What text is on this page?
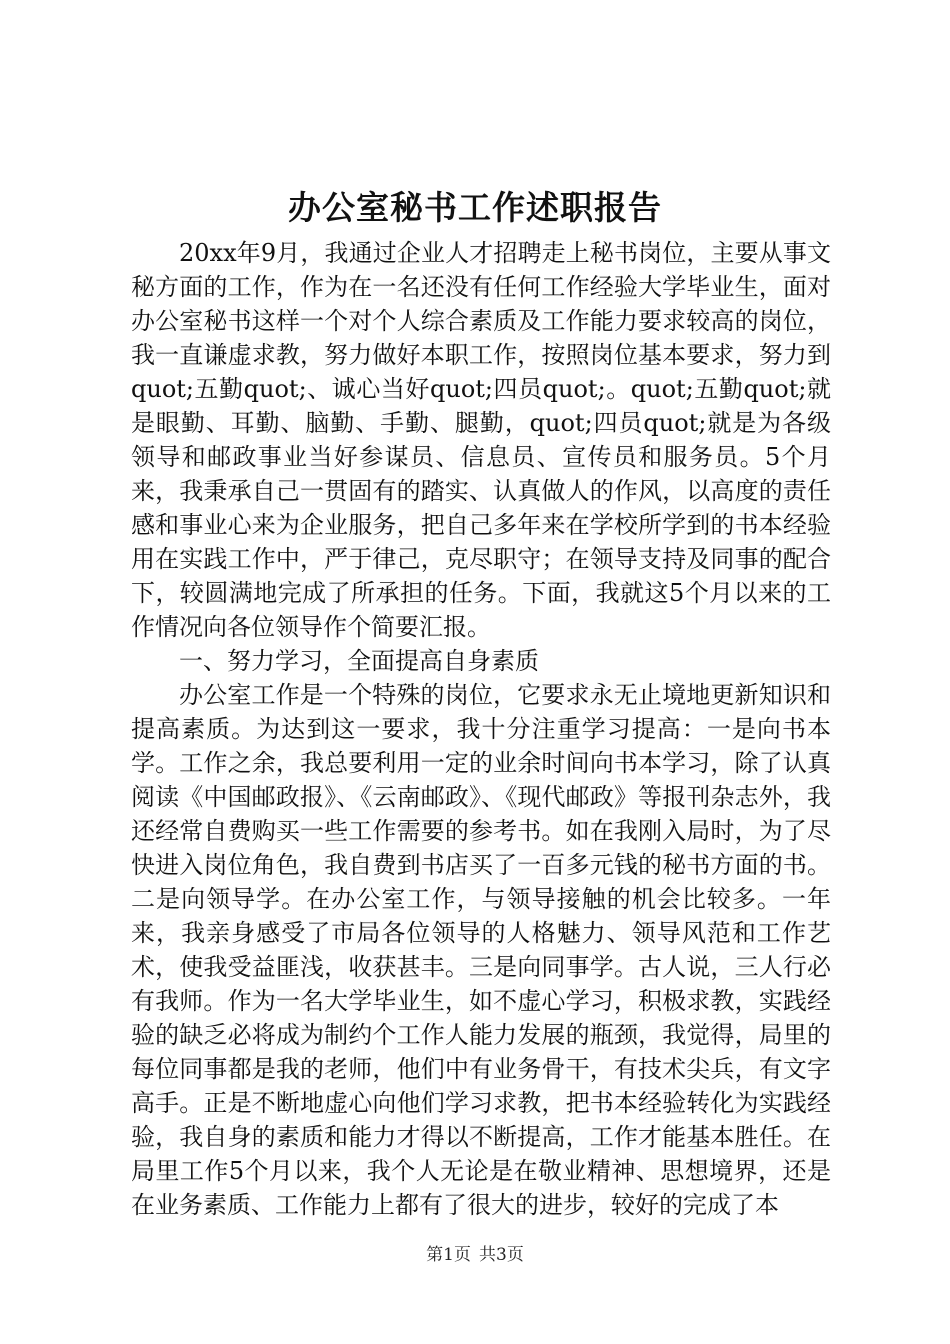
办公室秘书工作述职报告

20xx年9月，我通过企业人才招聘走上秘书岗位，主要从事文秘方面的工作，作为在一名还没有任何工作经验大学毕业生，面对办公室秘书这样一个对个人综合素质及工作能力要求较高的岗位，我一直谦虚求教，努力做好本职工作，按照岗位基本要求，努力到quot;五勤quot;、诚心当好quot;四员quot;。quot;五勤quot;就是眼勤、耳勤、脑勤、手勤、腿勤，quot;四员quot;就是为各级领导和邮政事业当好参谋员、信息员、宣传员和服务员。5个月来，我秉承自己一贯固有的踏实、认真做人的作风，以高度的责任感和事业心来为企业服务，把自己多年来在学校所学到的书本经验用在实践工作中，严于律己，克尽职守；在领导支持及同事的配合下，较圆满地完成了所承担的任务。下面，我就这5个月以来的工作情况向各位领导作个简要汇报。

一、努力学习，全面提高自身素质

办公室工作是一个特殊的岗位，它要求永无止境地更新知识和提高素质。为达到这一要求，我十分注重学习提高：一是向书本学。工作之余，我总要利用一定的业余时间向书本学习，除了认真阅读《中国邮政报》、《云南邮政》、《现代邮政》等报刊杂志外，我还经常自费购买一些工作需要的参考书。如在我刚入局时，为了尽快进入岗位角色，我自费到书店买了一百多元钱的秘书方面的书。二是向领导学。在办公室工作，与领导接触的机会比较多。一年来，我亲身感受了市局各位领导的人格魅力、领导风范和工作艺术，使我受益匪浅，收获甚丰。三是向同事学。古人说，三人行必有我师。作为一名大学毕业生，如不虚心学习，积极求教，实践经验的缺乏必将成为制约个工作人能力发展的瓶颈，我觉得，局里的每位同事都是我的老师，他们中有业务骨干，有技术尖兵，有文字高手。正是不断地虚心向他们学习求教，把书本经验转化为实践经验，我自身的素质和能力才得以不断提高，工作才能基本胜任。在局里工作5个月以来，我个人无论是在敬业精神、思想境界，还是在业务素质、工作能力上都有了很大的进步，较好的完成了本

第1页 共3页
